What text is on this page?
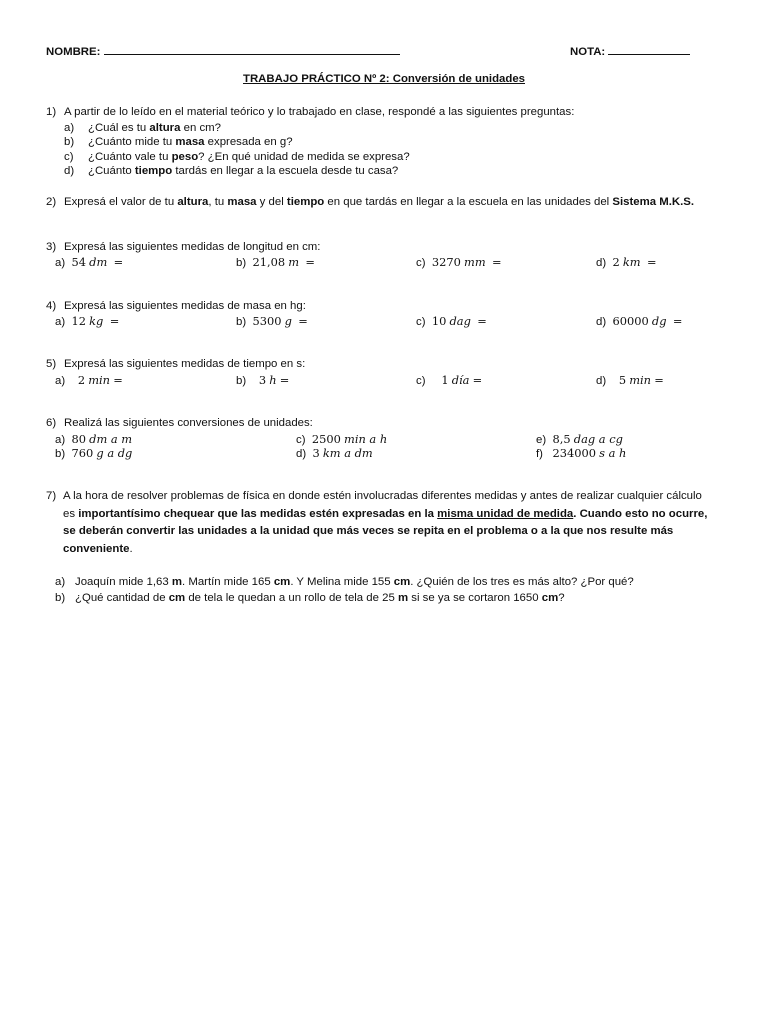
NOMBRE:	NOTA:
TRABAJO PRÁCTICO Nº 2: Conversión de unidades
1) A partir de lo leído en el material teórico y lo trabajado en clase, respondé a las siguientes preguntas:
a) ¿Cuál es tu altura en cm?
b) ¿Cuánto mide tu masa expresada en g?
c) ¿Cuánto vale tu peso? ¿En qué unidad de medida se expresa?
d) ¿Cuánto tiempo tardás en llegar a la escuela desde tu casa?
2) Expresá el valor de tu altura, tu masa y del tiempo en que tardás en llegar a la escuela en las unidades del Sistema M.K.S.
3) Expresá las siguientes medidas de longitud en cm:
a) 54 dm =	b) 21,08 m =	c) 3270 mm =	d) 2 km =
4) Expresá las siguientes medidas de masa en hg:
a) 12 kg =	b) 5300 g =	c) 10 dag =	d) 60000 dg =
5) Expresá las siguientes medidas de tiempo en s:
a) 2 min =	b) 3 h =	c) 1 día =	d) 5 min =
6) Realizá las siguientes conversiones de unidades:
a) 80 dm a m
b) 760 g a dg
c) 2500 min a h
d) 3 km a dm
e) 8,5 dag a cg
f) 234000 s a h
7) A la hora de resolver problemas de física en donde estén involucradas diferentes medidas y antes de realizar cualquier cálculo es importantísimo chequear que las medidas estén expresadas en la misma unidad de medida. Cuando esto no ocurre, se deberán convertir las unidades a la unidad que más veces se repita en el problema o a la que nos resulte más conveniente.
a) Joaquín mide 1,63 m. Martín mide 165 cm. Y Melina mide 155 cm. ¿Quién de los tres es más alto? ¿Por qué?
b) ¿Qué cantidad de cm de tela le quedan a un rollo de tela de 25 m si se ya se cortaron 1650 cm?
